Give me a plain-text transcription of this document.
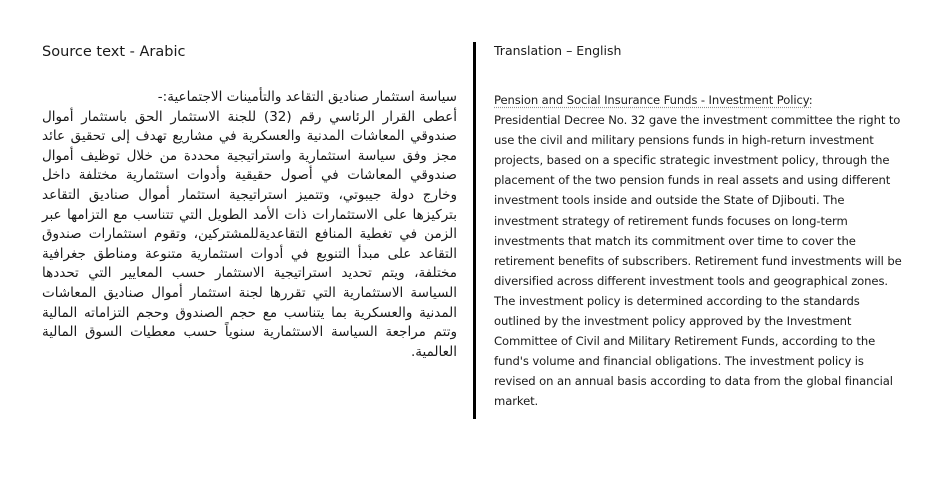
Source text - Arabic
سياسة استثمار صناديق التقاعد والتأمينات الاجتماعية:-
أعطى القرار الرئاسي رقم (32) للجنة الاستثمار الحق باستثمار أموال صندوقي المعاشات المدنية والعسكرية في مشاريع تهدف إلى تحقيق عائد مجز وفق سياسة استثمارية واستراتيجية محددة من خلال توظيف أموال صندوقي المعاشات في أصول حقيقية وأدوات استثمارية مختلفة داخل وخارج دولة جيبوتي، وتتميز استراتيجية استثمار أموال صناديق التقاعد بتركيزها على الاستثمارات ذات الأمد الطويل التي تتناسب مع التزامها عبر الزمن في تغطية المنافع التقاعديةللمشتركين، وتقوم استثمارات صندوق التقاعد على مبدأ التنويع في أدوات استثمارية متنوعة ومناطق جغرافية مختلفة، ويتم تحديد استراتيجية الاستثمار حسب المعايير التي تحددها السياسة الاستثمارية التي تقررها لجنة استثمار أموال صناديق المعاشات المدنية والعسكرية بما يتناسب مع حجم الصندوق وحجم التزاماته المالية وتتم مراجعة السياسة الاستثمارية سنوياً حسب معطيات السوق المالية العالمية.
Translation – English
Pension and Social Insurance Funds - Investment Policy:
Presidential Decree No. 32 gave the investment committee the right to use the civil and military pensions funds in high-return investment projects, based on a specific strategic investment policy, through the placement of the two pension funds in real assets and using different investment tools inside and outside the State of Djibouti. The investment strategy of retirement funds focuses on long-term investments that match its commitment over time to cover the retirement benefits of subscribers. Retirement fund investments will be diversified across different investment tools and geographical zones. The investment policy is determined according to the standards outlined by the investment policy approved by the Investment Committee of Civil and Military Retirement Funds, according to the fund's volume and financial obligations. The investment policy is revised on an annual basis according to data from the global financial market.
